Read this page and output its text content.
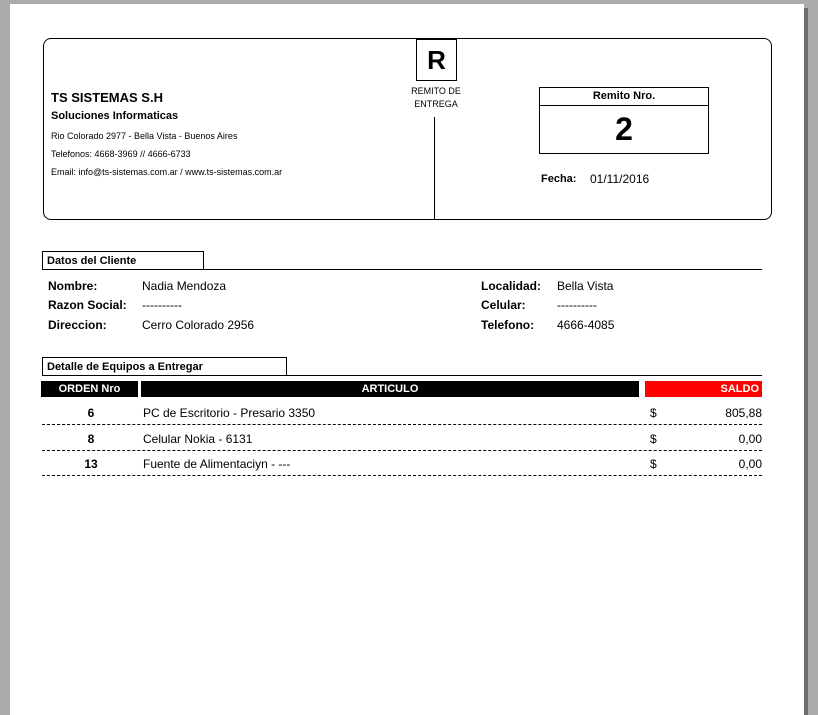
TS SISTEMAS S.H
Soluciones Informaticas
Rio Colorado 2977 - Bella Vista - Buenos Aires
Telefonos: 4668-3969 // 4666-6733
Email: info@ts-sistemas.com.ar / www.ts-sistemas.com.ar
R
REMITO DE
ENTREGA
Remito Nro.
2
Fecha: 01/11/2016
Datos del Cliente
Nombre:	Nadia Mendoza
Razon Social: ----------
Direccion:	Cerro Colorado 2956
Localidad: Bella Vista
Celular:	----------
Telefono: 4666-4085
Detalle de Equipos a Entregar
ORDEN Nro	ARTICULO	SALDO
6	PC de Escritorio - Presario 3350	$	805,88
8	Celular Nokia - 6131	$	0,00
13	Fuente de Alimentaciyn - ---	$	0,00
